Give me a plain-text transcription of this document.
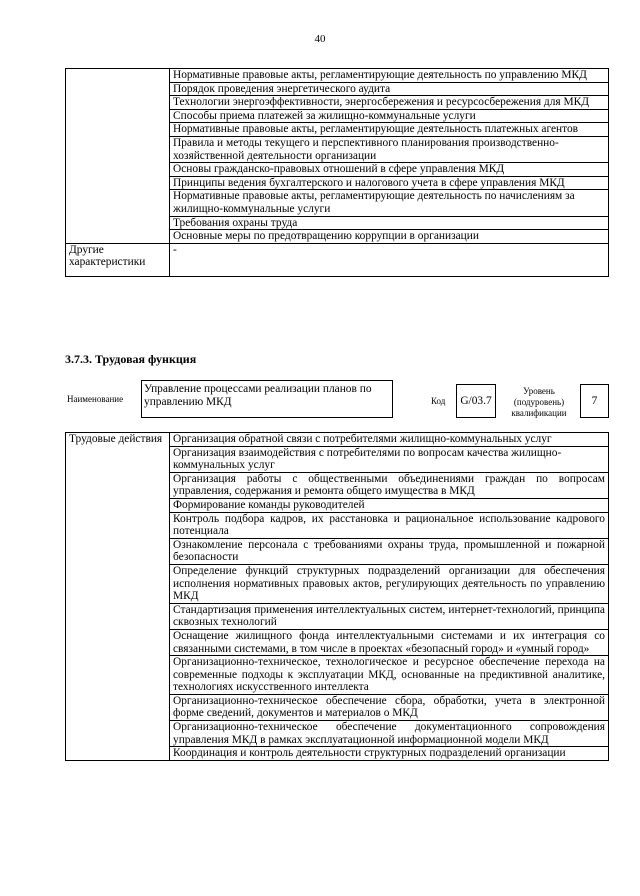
40
	Нормативные правовые акты, регламентирующие деятельность по управлению МКД
	Порядок проведения энергетического аудита
	Технологии энергоэффективности, энергосбережения и ресурсосбережения для МКД
	Способы приема платежей за жилищно-коммунальные услуги
	Нормативные правовые акты, регламентирующие деятельность платежных агентов
	Правила и методы текущего и перспективного планирования производственно-хозяйственной деятельности организации
	Основы гражданско-правовых отношений в сфере управления МКД
	Принципы ведения бухгалтерского и налогового учета в сфере управления МКД
	Нормативные правовые акты, регламентирующие деятельность по начислениям за жилищно-коммунальные услуги
	Требования охраны труда
	Основные меры по предотвращению коррупции в организации
Другие характеристики	-
3.7.3. Трудовая функция
Наименование
Управление процессами реализации планов по управлению МКД	Код	G/03.7
Уровень (подуровень) квалификации
7
Трудовые действия	Организация обратной связи с потребителями жилищно-коммунальных услуг
Организация взаимодействия с потребителями по вопросам качества жилищно-коммунальных услуг
Организация работы с общественными объединениями граждан по вопросам управления, содержания и ремонта общего имущества в МКД
Формирование команды руководителей
Контроль подбора кадров, их расстановка и рациональное использование кадрового потенциала
Ознакомление персонала с требованиями охраны труда, промышленной и пожарной безопасности
Определение функций структурных подразделений организации для обеспечения исполнения нормативных правовых актов, регулирующих деятельность по управлению МКД
Стандартизация применения интеллектуальных систем, интернет-технологий, принципа сквозных технологий
Оснащение жилищного фонда интеллектуальными системами и их интеграция со связанными системами, в том числе в проектах «безопасный город» и «умный город»
Организационно-техническое, технологическое и ресурсное обеспечение перехода на современные подходы к эксплуатации МКД, основанные на предиктивной аналитике, технологиях искусственного интеллекта
Организационно-техническое обеспечение сбора, обработки, учета в электронной форме сведений, документов и материалов о МКД
Организационно-техническое обеспечение документационного сопровождения управления МКД в рамках эксплуатационной информационной модели МКД
Координация и контроль деятельности структурных подразделений организации
